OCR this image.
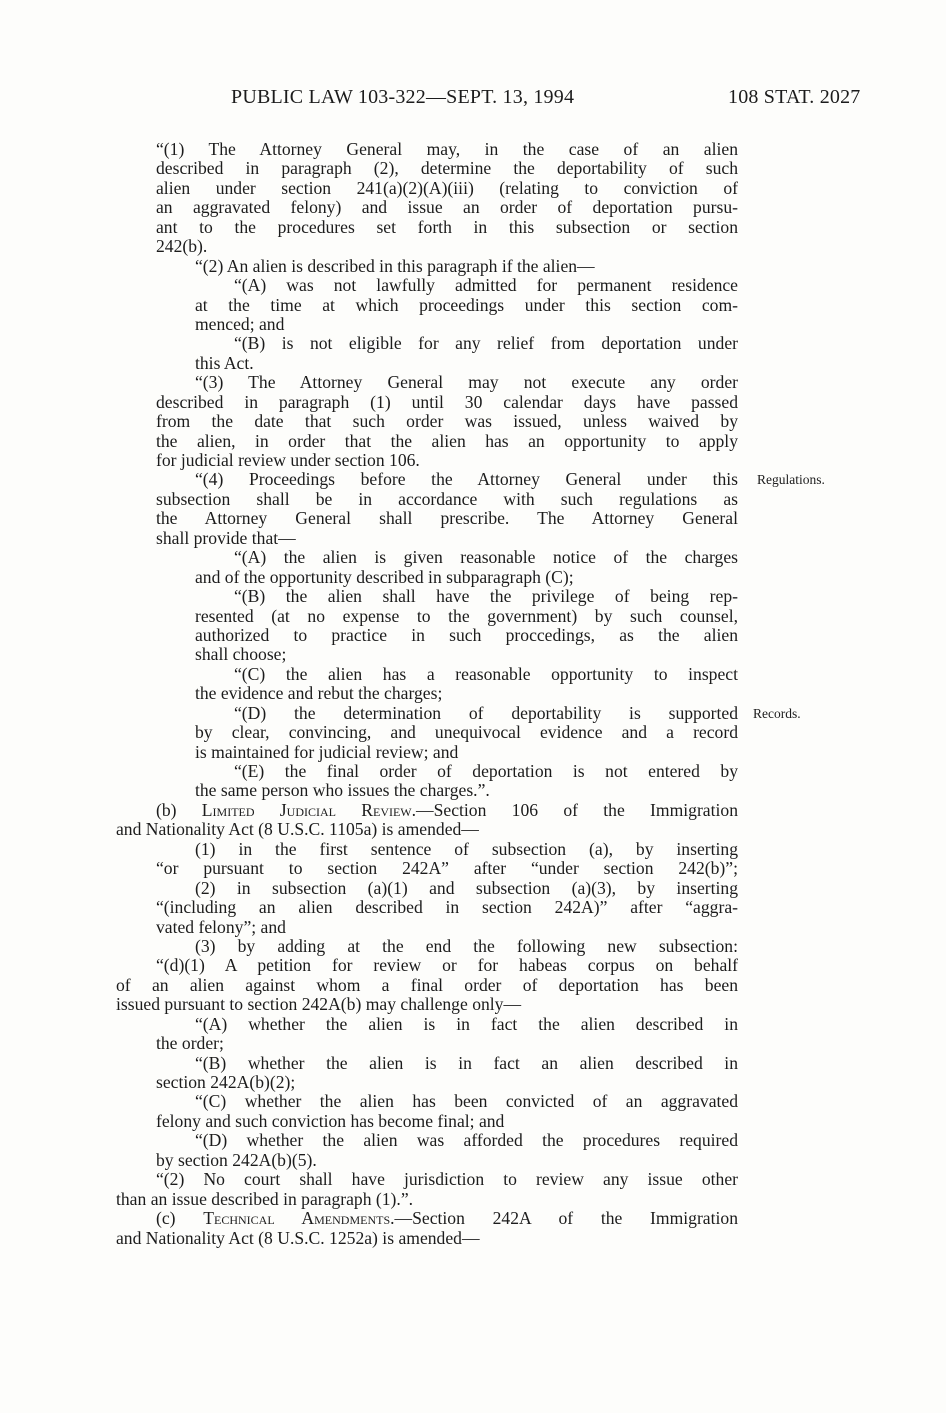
PUBLIC LAW 103-322—SEPT. 13, 1994	108 STAT. 2027
Regulations.
Records.
“(1) The Attorney General may, in the case of an alien
described in paragraph (2), determine the deportability of such
alien under section 241(a)(2)(A)(iii) (relating to conviction of
an aggravated felony) and issue an order of deportation pursu-
ant to the procedures set forth in this subsection or section
242(b).
“(2) An alien is described in this paragraph if the alien—
“(A) was not lawfully admitted for permanent residence
at the time at which proceedings under this section com-
menced; and
“(B) is not eligible for any relief from deportation under
this Act.
“(3) The Attorney General may not execute any order
described in paragraph (1) until 30 calendar days have passed
from the date that such order was issued, unless waived by
the alien, in order that the alien has an opportunity to apply
for judicial review under section 106.
“(4) Proceedings before the Attorney General under this
subsection shall be in accordance with such regulations as
the Attorney General shall prescribe. The Attorney General
shall provide that—
“(A) the alien is given reasonable notice of the charges
and of the opportunity described in subparagraph (C);
“(B) the alien shall have the privilege of being rep-
resented (at no expense to the government) by such counsel,
authorized to practice in such proccedings, as the alien
shall choose;
“(C) the alien has a reasonable opportunity to inspect
the evidence and rebut the charges;
“(D) the determination of deportability is supported
by clear, convincing, and unequivocal evidence and a record
is maintained for judicial review; and
“(E) the final order of deportation is not entered by
the same person who issues the charges.”.
(b) Limited Judicial Review.—Section 106 of the Immigration
and Nationality Act (8 U.S.C. 1105a) is amended—
(1) in the first sentence of subsection (a), by inserting
“or pursuant to section 242A” after “under section 242(b)”;
(2) in subsection (a)(1) and subsection (a)(3), by inserting
“(including an alien described in section 242A)” after “aggra-
vated felony”; and
(3) by adding at the end the following new subsection:
“(d)(1) A petition for review or for habeas corpus on behalf
of an alien against whom a final order of deportation has been
issued pursuant to section 242A(b) may challenge only—
“(A) whether the alien is in fact the alien described in
the order;
“(B) whether the alien is in fact an alien described in
section 242A(b)(2);
“(C) whether the alien has been convicted of an aggravated
felony and such conviction has become final; and
“(D) whether the alien was afforded the procedures required
by section 242A(b)(5).
“(2) No court shall have jurisdiction to review any issue other
than an issue described in paragraph (1).”.
(c) Technical Amendments.—Section 242A of the Immigration
and Nationality Act (8 U.S.C. 1252a) is amended—
